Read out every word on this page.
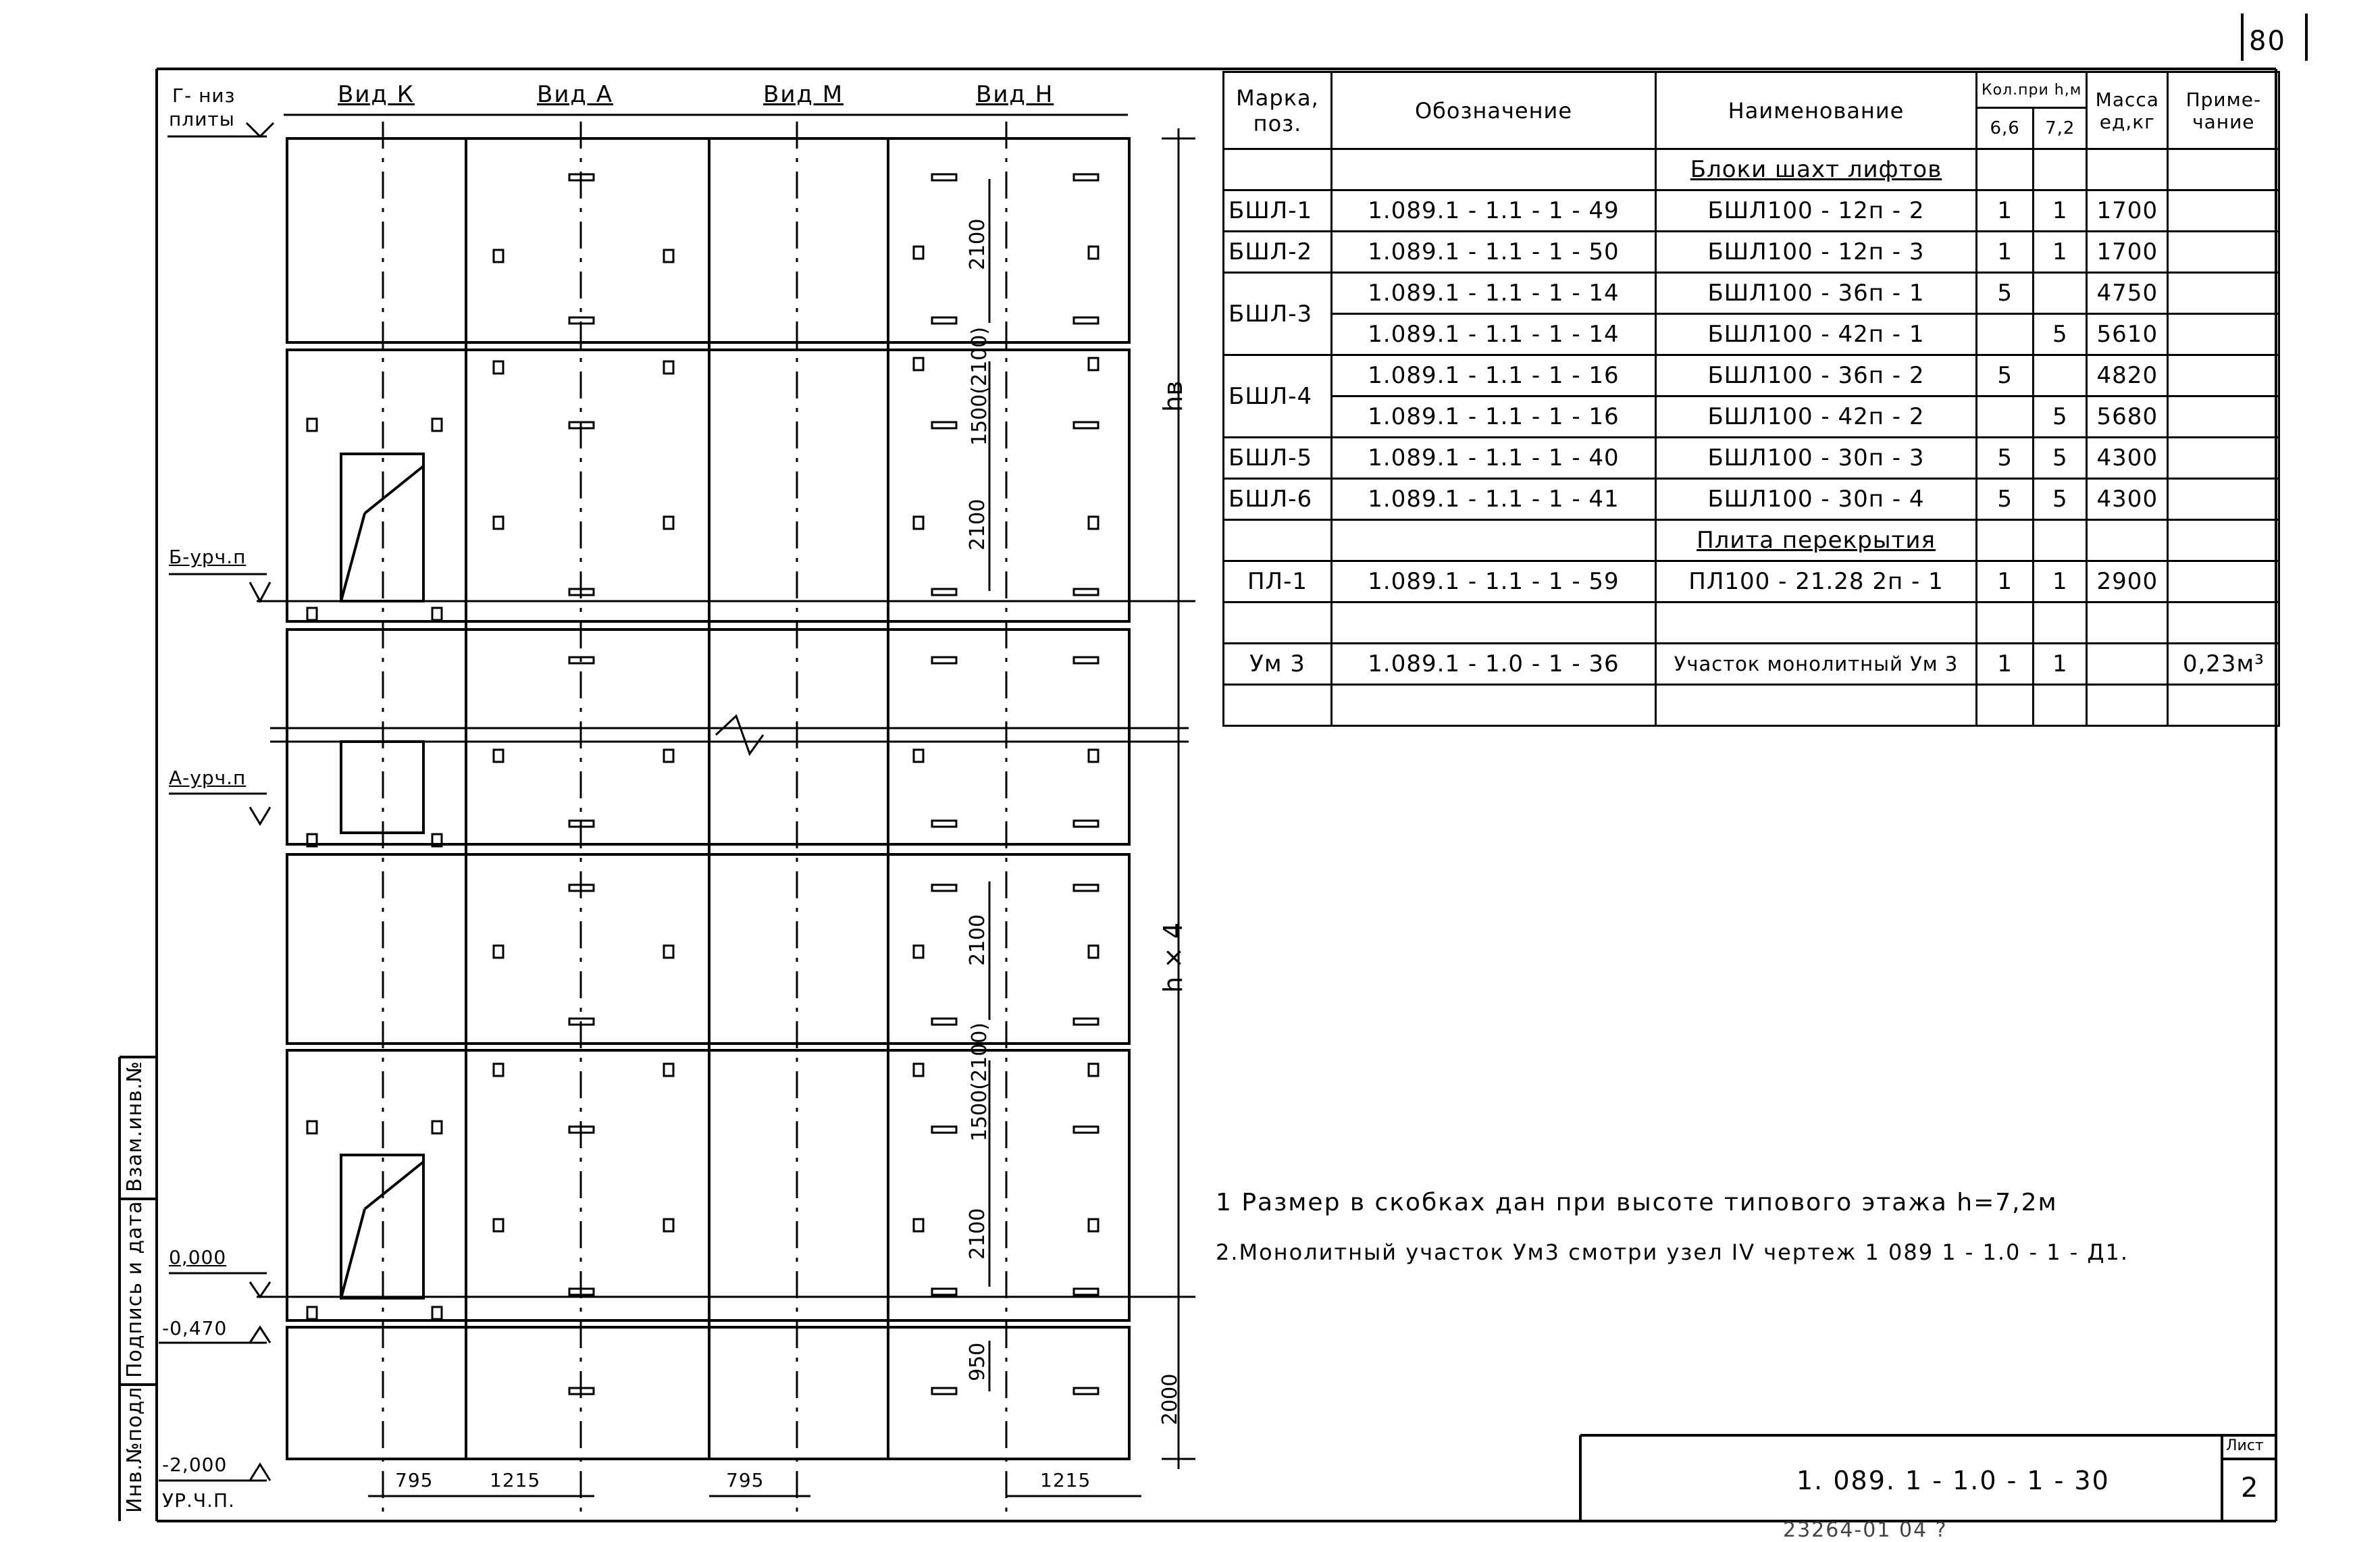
80
Вид К	Вид А	Вид М	Вид Н
Г- низ
плиты
Б-урч.п
А-урч.п
0,000
-0,470
-2,000
УР.Ч.П.
2100
1500(2100)
2100
2100
1500(2100)
2100
950
2000
hв
h × 4
795	1215	795	1215
Инв.№подл
Подпись и дата
Взам.инв.№
Марка, поз.	Обозначение	Наименование	Кол.при h,м		Масса ед,кг	Приме-чание
			6,6	7,2		
		Блоки шахт лифтов				
БШЛ-1	1.089.1 - 1.1 - 1 - 49	БШЛ100 - 12п - 2	1	1	1700	
БШЛ-2	1.089.1 - 1.1 - 1 - 50	БШЛ100 - 12п - 3	1	1	1700	
БШЛ-3	1.089.1 - 1.1 - 1 - 14	БШЛ100 - 36п - 1	5		4750	
	1.089.1 - 1.1 - 1 - 14	БШЛ100 - 42п - 1		5	5610	
БШЛ-4	1.089.1 - 1.1 - 1 - 16	БШЛ100 - 36п - 2	5		4820	
	1.089.1 - 1.1 - 1 - 16	БШЛ100 - 42п - 2		5	5680	
БШЛ-5	1.089.1 - 1.1 - 1 - 40	БШЛ100 - 30п - 3	5	5	4300	
БШЛ-6	1.089.1 - 1.1 - 1 - 41	БШЛ100 - 30п - 4	5	5	4300	
		Плита перекрытия				
ПЛ-1	1.089.1 - 1.1 - 1 - 59	ПЛ100 - 21.28 2п - 1	1	1	2900	

Ум 3	1.089.1 - 1.0 - 1 - 36	Участок монолитный Ум 3	1	1		0,23м³

1 Размер в скобках дан при высоте типового этажа h=7,2м
2.Монолитный участок Ум3 смотри узел IV чертеж 1 089 1 - 1.0 - 1 - Д1.
1. 089. 1 - 1.0 - 1 - 30
Лист
2
23264-01 04 ?
